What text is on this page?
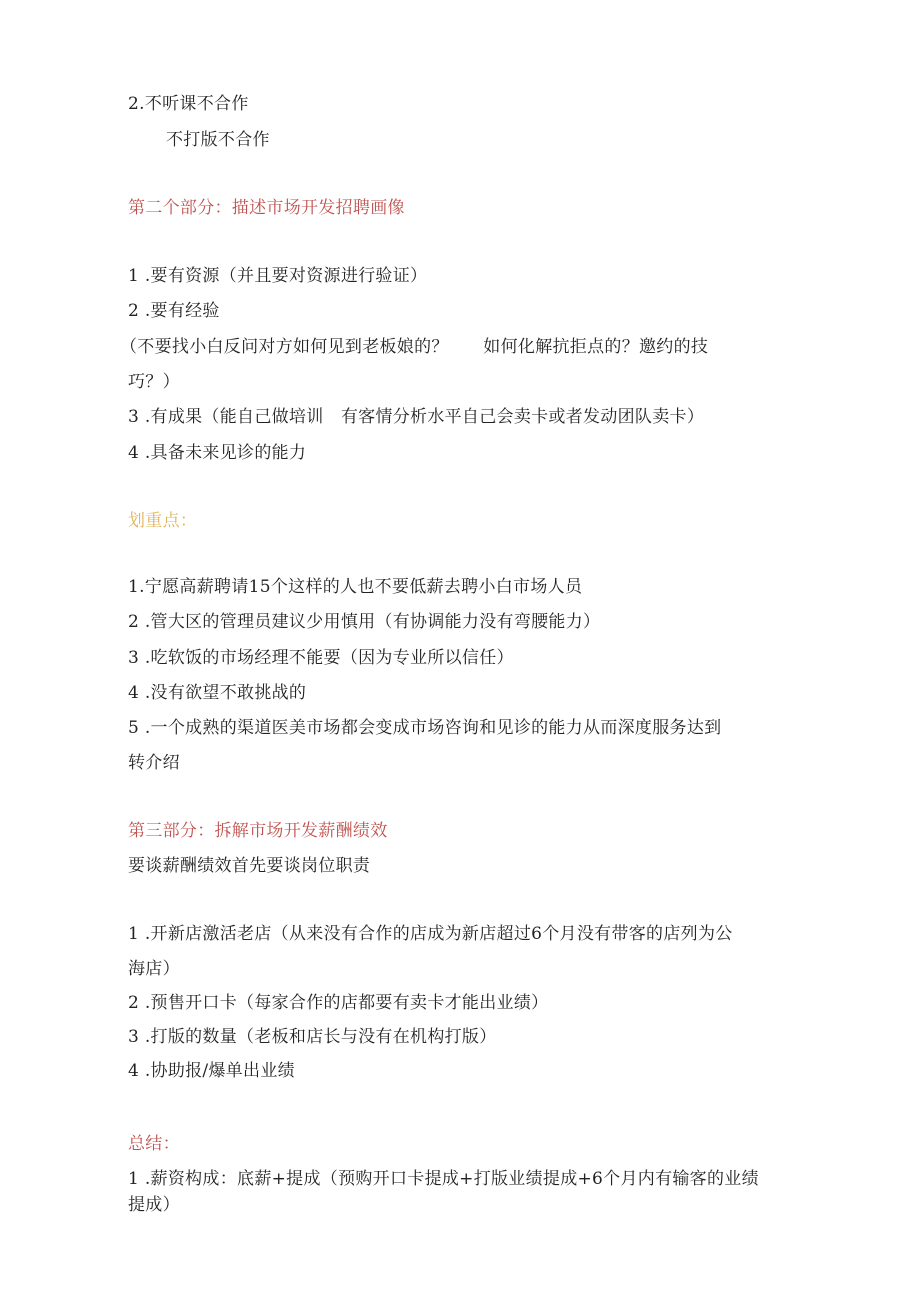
2.不听课不合作
不打版不合作
第二个部分：描述市场开发招聘画像
1 .要有资源（并且要对资源进行验证）
2 .要有经验
（不要找小白反问对方如何见到老板娘的？　　如何化解抗拒点的？邀约的技
巧？）
3 .有成果（能自己做培训　有客情分析水平自己会卖卡或者发动团队卖卡）
4 .具备未来见诊的能力
划重点：
1.宁愿高薪聘请15个这样的人也不要低薪去聘小白市场人员
2 .管大区的管理员建议少用慎用（有协调能力没有弯腰能力）
3 .吃软饭的市场经理不能要（因为专业所以信任）
4 .没有欲望不敢挑战的
5 .一个成熟的渠道医美市场都会变成市场咨询和见诊的能力从而深度服务达到
转介绍
第三部分：拆解市场开发薪酬绩效
要谈薪酬绩效首先要谈岗位职责
1 .开新店激活老店（从来没有合作的店成为新店超过6个月没有带客的店列为公
海店）
2 .预售开口卡（每家合作的店都要有卖卡才能出业绩）
3 .打版的数量（老板和店长与没有在机构打版）
4 .协助报/爆单出业绩
总结：
1 .薪资构成：底薪+提成（预购开口卡提成+打版业绩提成+6个月内有输客的业绩
提成）
